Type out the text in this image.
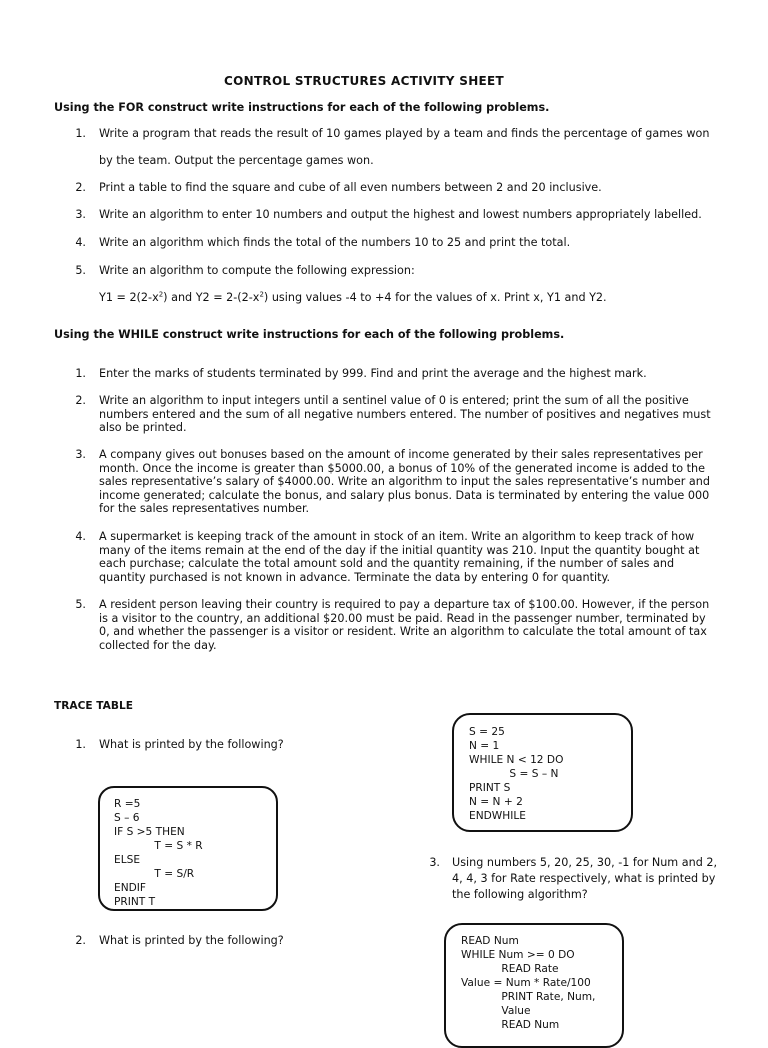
CONTROL STRUCTURES ACTIVITY SHEET
Using the FOR construct write instructions for each of the following problems.
1. Write a program that reads the result of 10 games played by a team and finds the percentage of games won
by the team. Output the percentage games won.
2. Print a table to find the square and cube of all even numbers between 2 and 20 inclusive.
3. Write an algorithm to enter 10 numbers and output the highest and lowest numbers appropriately labelled.
4. Write an algorithm which finds the total of the numbers 10 to 25 and print the total.
5. Write an algorithm to compute the following expression:
$Y1 = 2(2-x^2)$ and $Y2 = 2-(2-x^2)$ using values -4 to +4 for the values of x. Print x, Y1 and Y2.
Using the WHILE construct write instructions for each of the following problems.
1. Enter the marks of students terminated by 999. Find and print the average and the highest mark.
2. Write an algorithm to input integers until a sentinel value of 0 is entered; print the sum of all the positive
numbers entered and the sum of all negative numbers entered. The number of positives and negatives must
also be printed.
3. A company gives out bonuses based on the amount of income generated by their sales representatives per
month. Once the income is greater than $5000.00, a bonus of 10% of the generated income is added to the
sales representative’s salary of $4000.00. Write an algorithm to input the sales representative’s number and
income generated; calculate the bonus, and salary plus bonus. Data is terminated by entering the value 000
for the sales representatives number.
4. A supermarket is keeping track of the amount in stock of an item. Write an algorithm to keep track of how
many of the items remain at the end of the day if the initial quantity was 210. Input the quantity bought at
each purchase; calculate the total amount sold and the quantity remaining, if the number of sales and
quantity purchased is not known in advance. Terminate the data by entering 0 for quantity.
5. A resident person leaving their country is required to pay a departure tax of $100.00. However, if the person
is a visitor to the country, an additional $20.00 must be paid. Read in the passenger number, terminated by
0, and whether the passenger is a visitor or resident. Write an algorithm to calculate the total amount of tax
collected for the day.
TRACE TABLE
1. What is printed by the following?
R =5
S – 6
IF S >5 THEN
T = S * R
ELSE
T = S/R
ENDIF
PRINT T
S = 25
N = 1
WHILE N < 12 DO
S = S – N
PRINT S
N = N + 2
ENDWHILE
3. Using numbers 5, 20, 25, 30, -1 for Num and 2,
4, 4, 3 for Rate respectively, what is printed by
the following algorithm?
2. What is printed by the following?	READ Num
WHILE Num >= 0 DO
READ Rate
Value = Num * Rate/100
PRINT Rate, Num,
Value
READ Num
